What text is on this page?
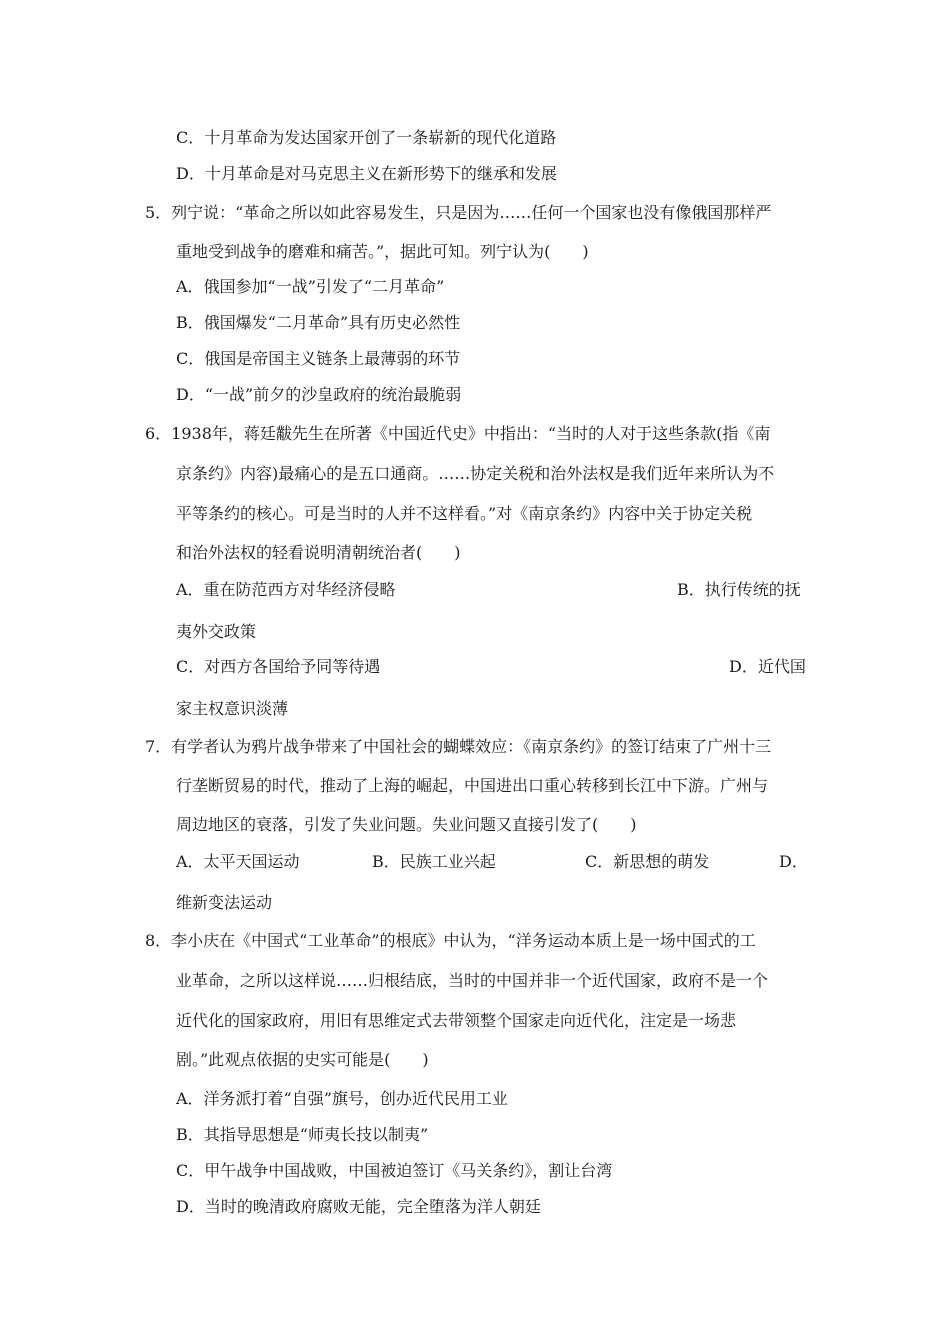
C．十月革命为发达国家开创了一条崭新的现代化道路
D．十月革命是对马克思主义在新形势下的继承和发展
5．列宁说：“革命之所以如此容易发生，只是因为……任何一个国家也没有像俄国那样严
重地受到战争的磨难和痛苦。”，据此可知。列宁认为(　　)
A．俄国参加“一战”引发了“二月革命”
B．俄国爆发“二月革命”具有历史必然性
C．俄国是帝国主义链条上最薄弱的环节
D．“一战”前夕的沙皇政府的统治最脆弱
6．1938年，蒋廷黻先生在所著《中国近代史》中指出：“当时的人对于这些条款(指《南
京条约》内容)最痛心的是五口通商。……协定关税和治外法权是我们近年来所认为不
平等条约的核心。可是当时的人并不这样看。”对《南京条约》内容中关于协定关税
和治外法权的轻看说明清朝统治者(　　)
A．重在防范西方对华经济侵略	B．执行传统的抚
夷外交政策
C．对西方各国给予同等待遇	D．近代国
家主权意识淡薄
7．有学者认为鸦片战争带来了中国社会的蝴蝶效应：《南京条约》的签订结束了广州十三
行垄断贸易的时代，推动了上海的崛起，中国进出口重心转移到长江中下游。广州与
周边地区的衰落，引发了失业问题。失业问题又直接引发了(　　)
A．太平天国运动	B．民族工业兴起	C．新思想的萌发	D．
维新变法运动
8．李小庆在《中国式“工业革命”的根底》中认为，“洋务运动本质上是一场中国式的工
业革命，之所以这样说……归根结底，当时的中国并非一个近代国家，政府不是一个
近代化的国家政府，用旧有思维定式去带领整个国家走向近代化，注定是一场悲
剧。”此观点依据的史实可能是(　　)
A．洋务派打着“自强”旗号，创办近代民用工业
B．其指导思想是“师夷长技以制夷”
C．甲午战争中国战败，中国被迫签订《马关条约》，割让台湾
D．当时的晚清政府腐败无能，完全堕落为洋人朝廷
